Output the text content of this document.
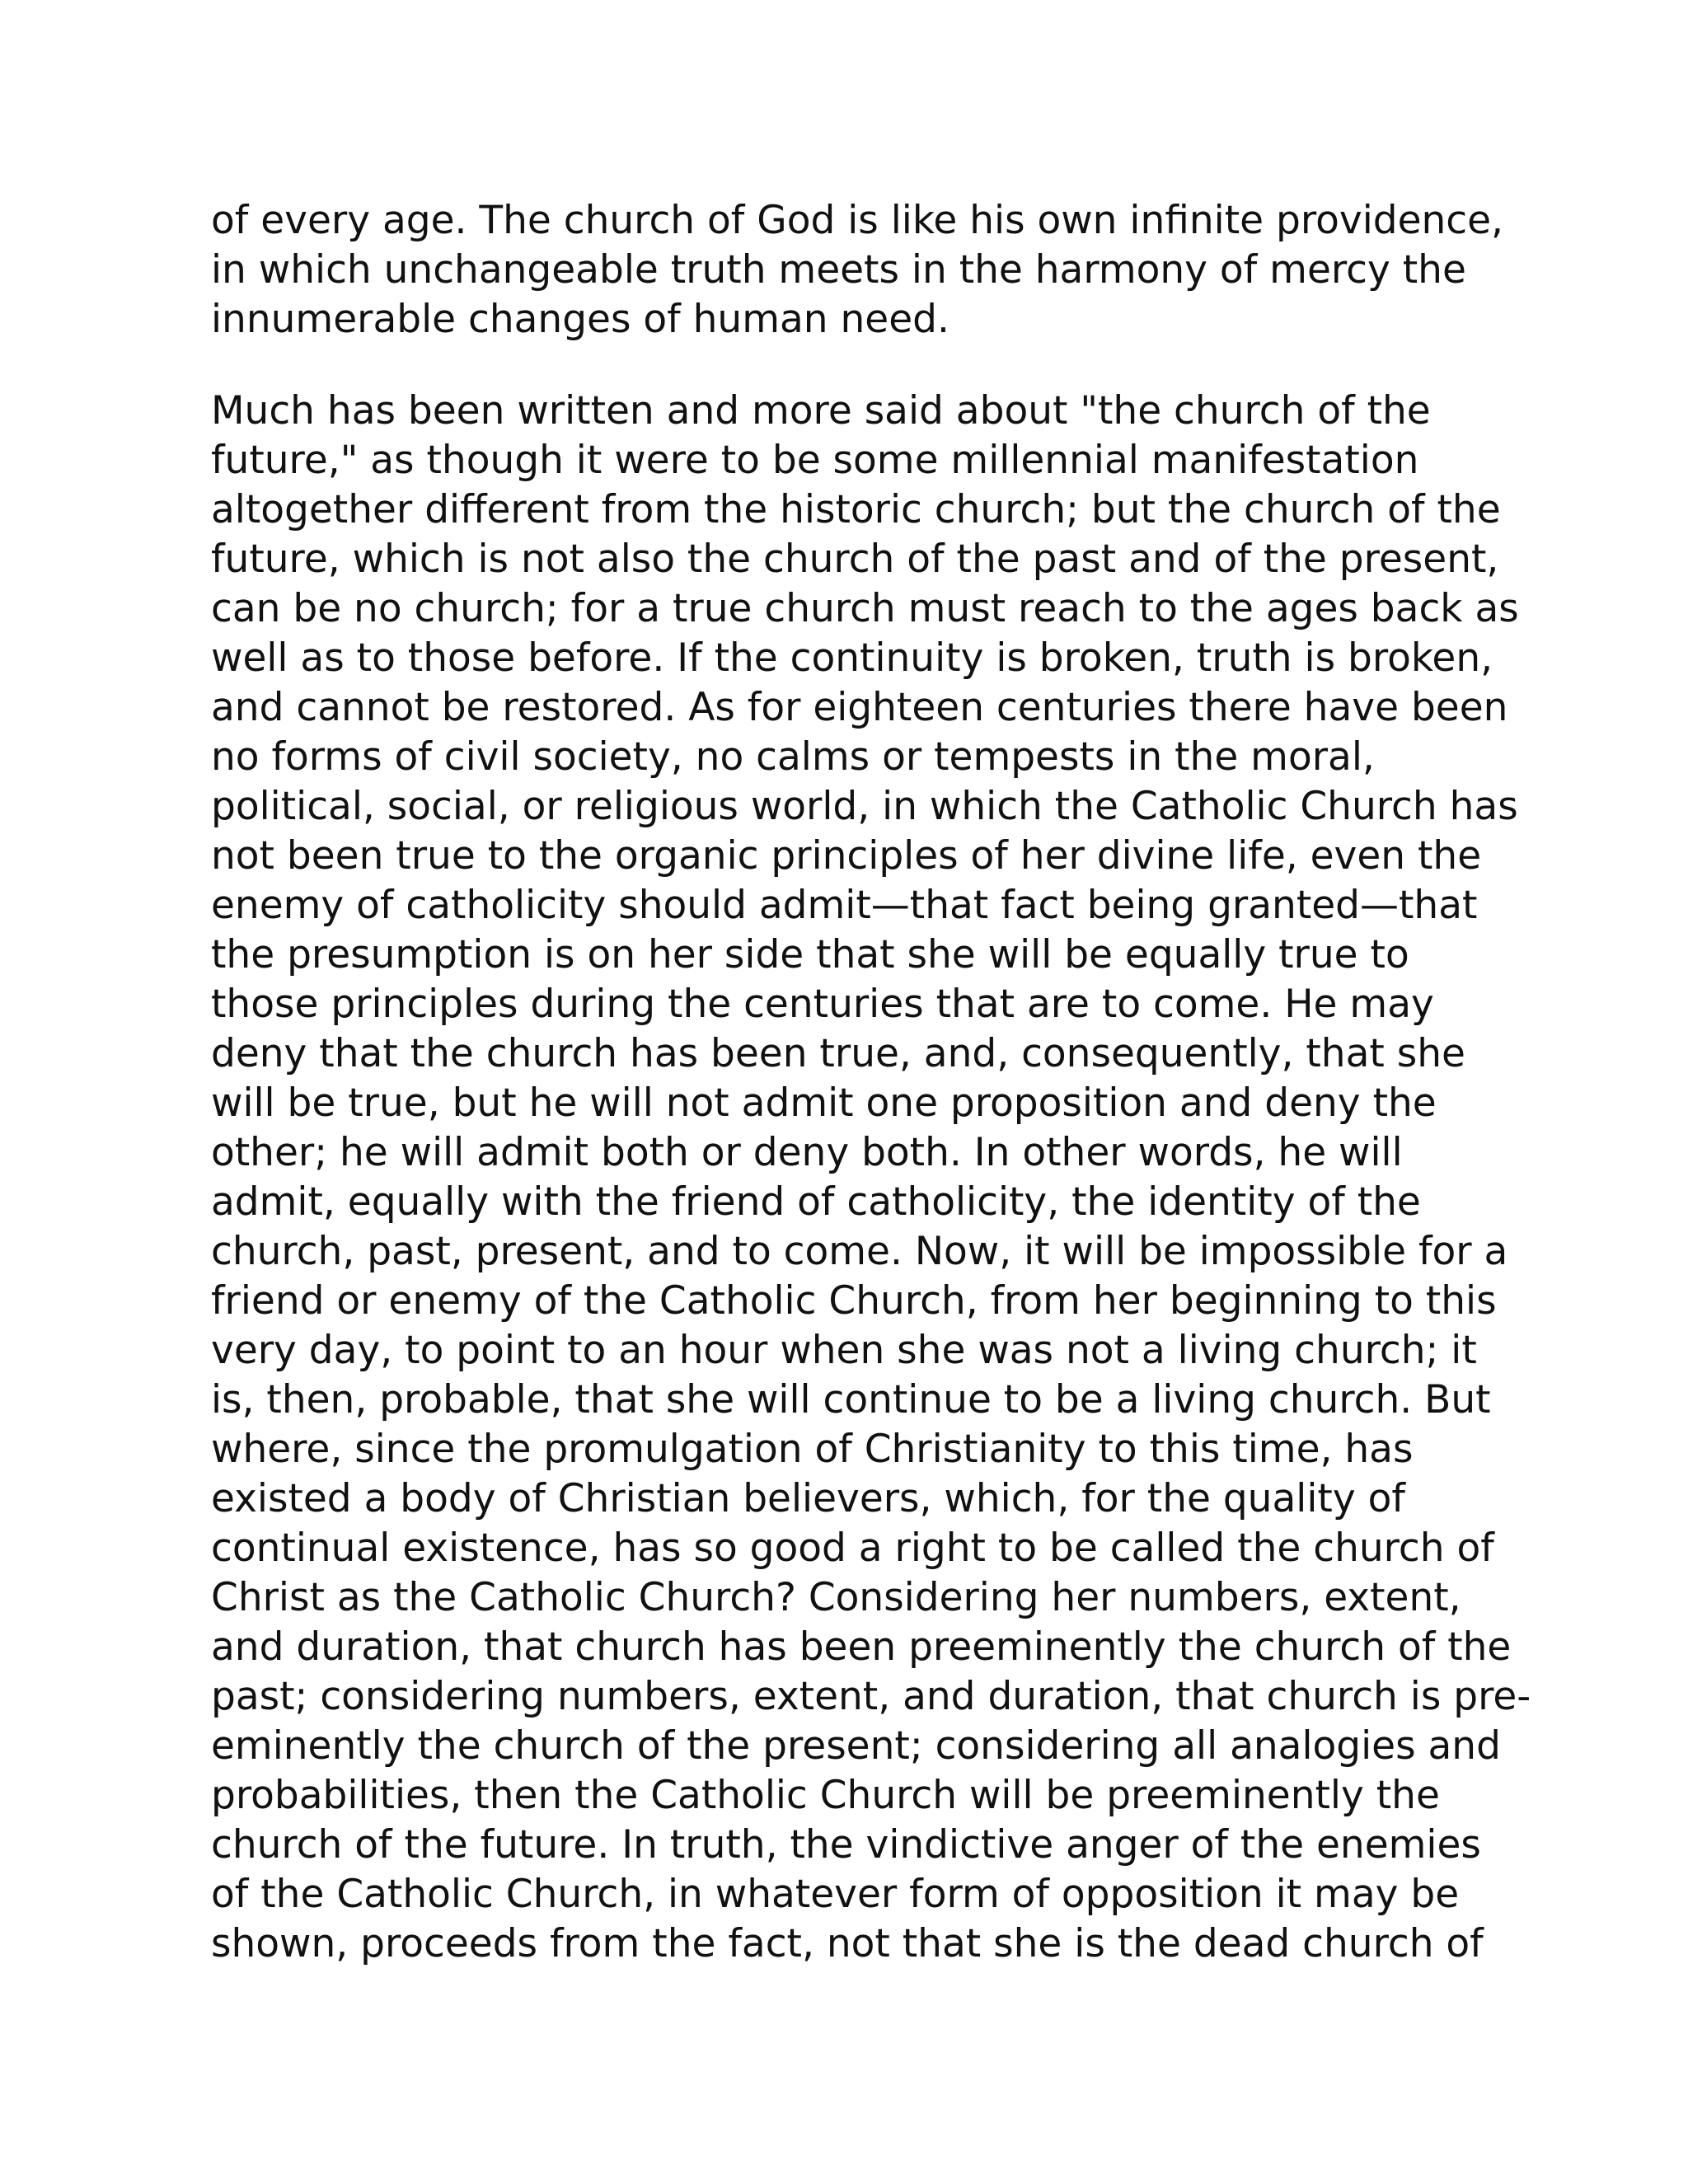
of every age. The church of God is like his own infinite providence,
in which unchangeable truth meets in the harmony of mercy the
innumerable changes of human need.

Much has been written and more said about "the church of the
future," as though it were to be some millennial manifestation
altogether different from the historic church; but the church of the
future, which is not also the church of the past and of the present,
can be no church; for a true church must reach to the ages back as
well as to those before. If the continuity is broken, truth is broken,
and cannot be restored. As for eighteen centuries there have been
no forms of civil society, no calms or tempests in the moral,
political, social, or religious world, in which the Catholic Church has
not been true to the organic principles of her divine life, even the
enemy of catholicity should admit—that fact being granted—that
the presumption is on her side that she will be equally true to
those principles during the centuries that are to come. He may
deny that the church has been true, and, consequently, that she
will be true, but he will not admit one proposition and deny the
other; he will admit both or deny both. In other words, he will
admit, equally with the friend of catholicity, the identity of the
church, past, present, and to come. Now, it will be impossible for a
friend or enemy of the Catholic Church, from her beginning to this
very day, to point to an hour when she was not a living church; it
is, then, probable, that she will continue to be a living church. But
where, since the promulgation of Christianity to this time, has
existed a body of Christian believers, which, for the quality of
continual existence, has so good a right to be called the church of
Christ as the Catholic Church? Considering her numbers, extent,
and duration, that church has been preeminently the church of the
past; considering numbers, extent, and duration, that church is pre-
eminently the church of the present; considering all analogies and
probabilities, then the Catholic Church will be preeminently the
church of the future. In truth, the vindictive anger of the enemies
of the Catholic Church, in whatever form of opposition it may be
shown, proceeds from the fact, not that she is the dead church of
